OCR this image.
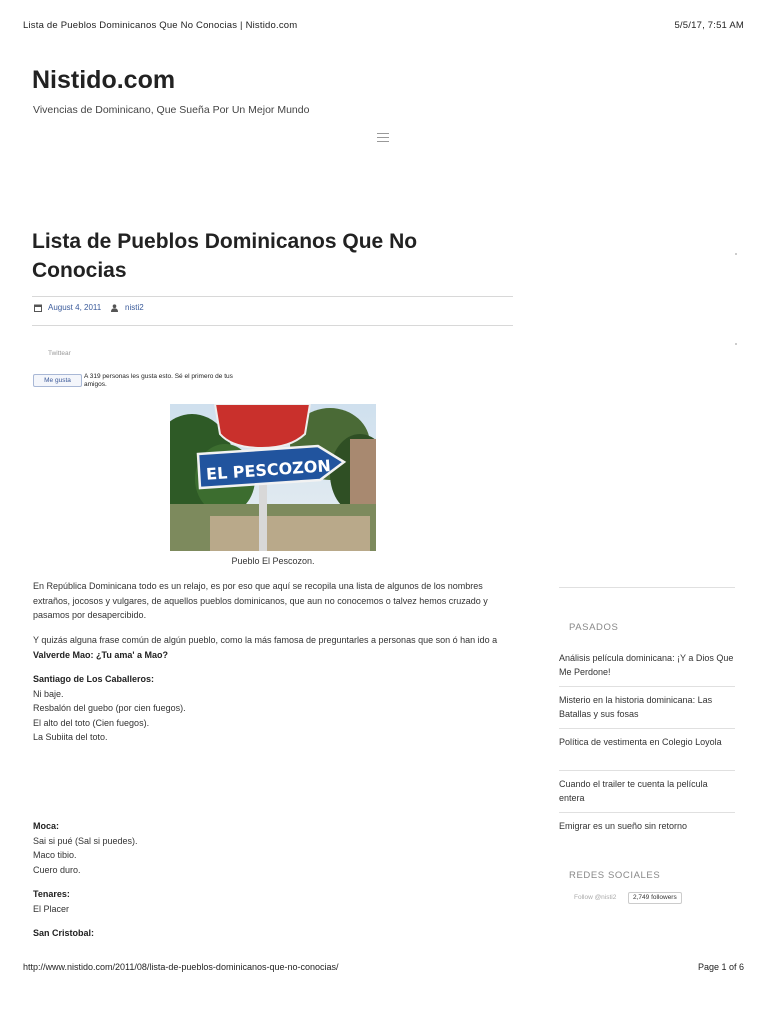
Lista de Pueblos Dominicanos Que No Conocias | Nistido.com	5/5/17, 7:51 AM
Nistido.com
Vivencias de Dominicano, Que Sueña Por Un Mejor Mundo
Lista de Pueblos Dominicanos Que No Conocias
August 4, 2011	nisti2
Twittear
Me gusta
A 319 personas les gusta esto. Sé el primero de tus amigos.
EL PESCOZON
Pueblo El Pescozon.
En República Dominicana todo es un relajo, es por eso que aquí se recopila una lista de algunos de los nombres extraños, jocosos y vulgares, de aquellos pueblos dominicanos, que aun no conocemos o talvez hemos cruzado y pasamos por desapercibido.
Y quizás alguna frase común de algún pueblo, como la más famosa de preguntarles a personas que son ó han ido a Valverde Mao: ¿Tu ama' a Mao?
Santiago de Los Caballeros:
Ni baje.
Resbalón del guebo (por cien fuegos).
El alto del toto (Cien fuegos).
La Subiita del toto.
Moca:
Sai si pué (Sal si puedes).
Maco tibio.
Cuero duro.
Tenares:
El Placer
San Cristobal:
PASADOS
Análisis película dominicana: ¡Y a Dios Que Me Perdone!
Misterio en la historia dominicana: Las Batallas y sus fosas
Política de vestimenta en Colegio Loyola
Cuando el trailer te cuenta la película entera
Emigrar es un sueño sin retorno
REDES SOCIALES
Follow @nisti2	2,749 followers
http://www.nistido.com/2011/08/lista-de-pueblos-dominicanos-que-no-conocias/	Page 1 of 6
